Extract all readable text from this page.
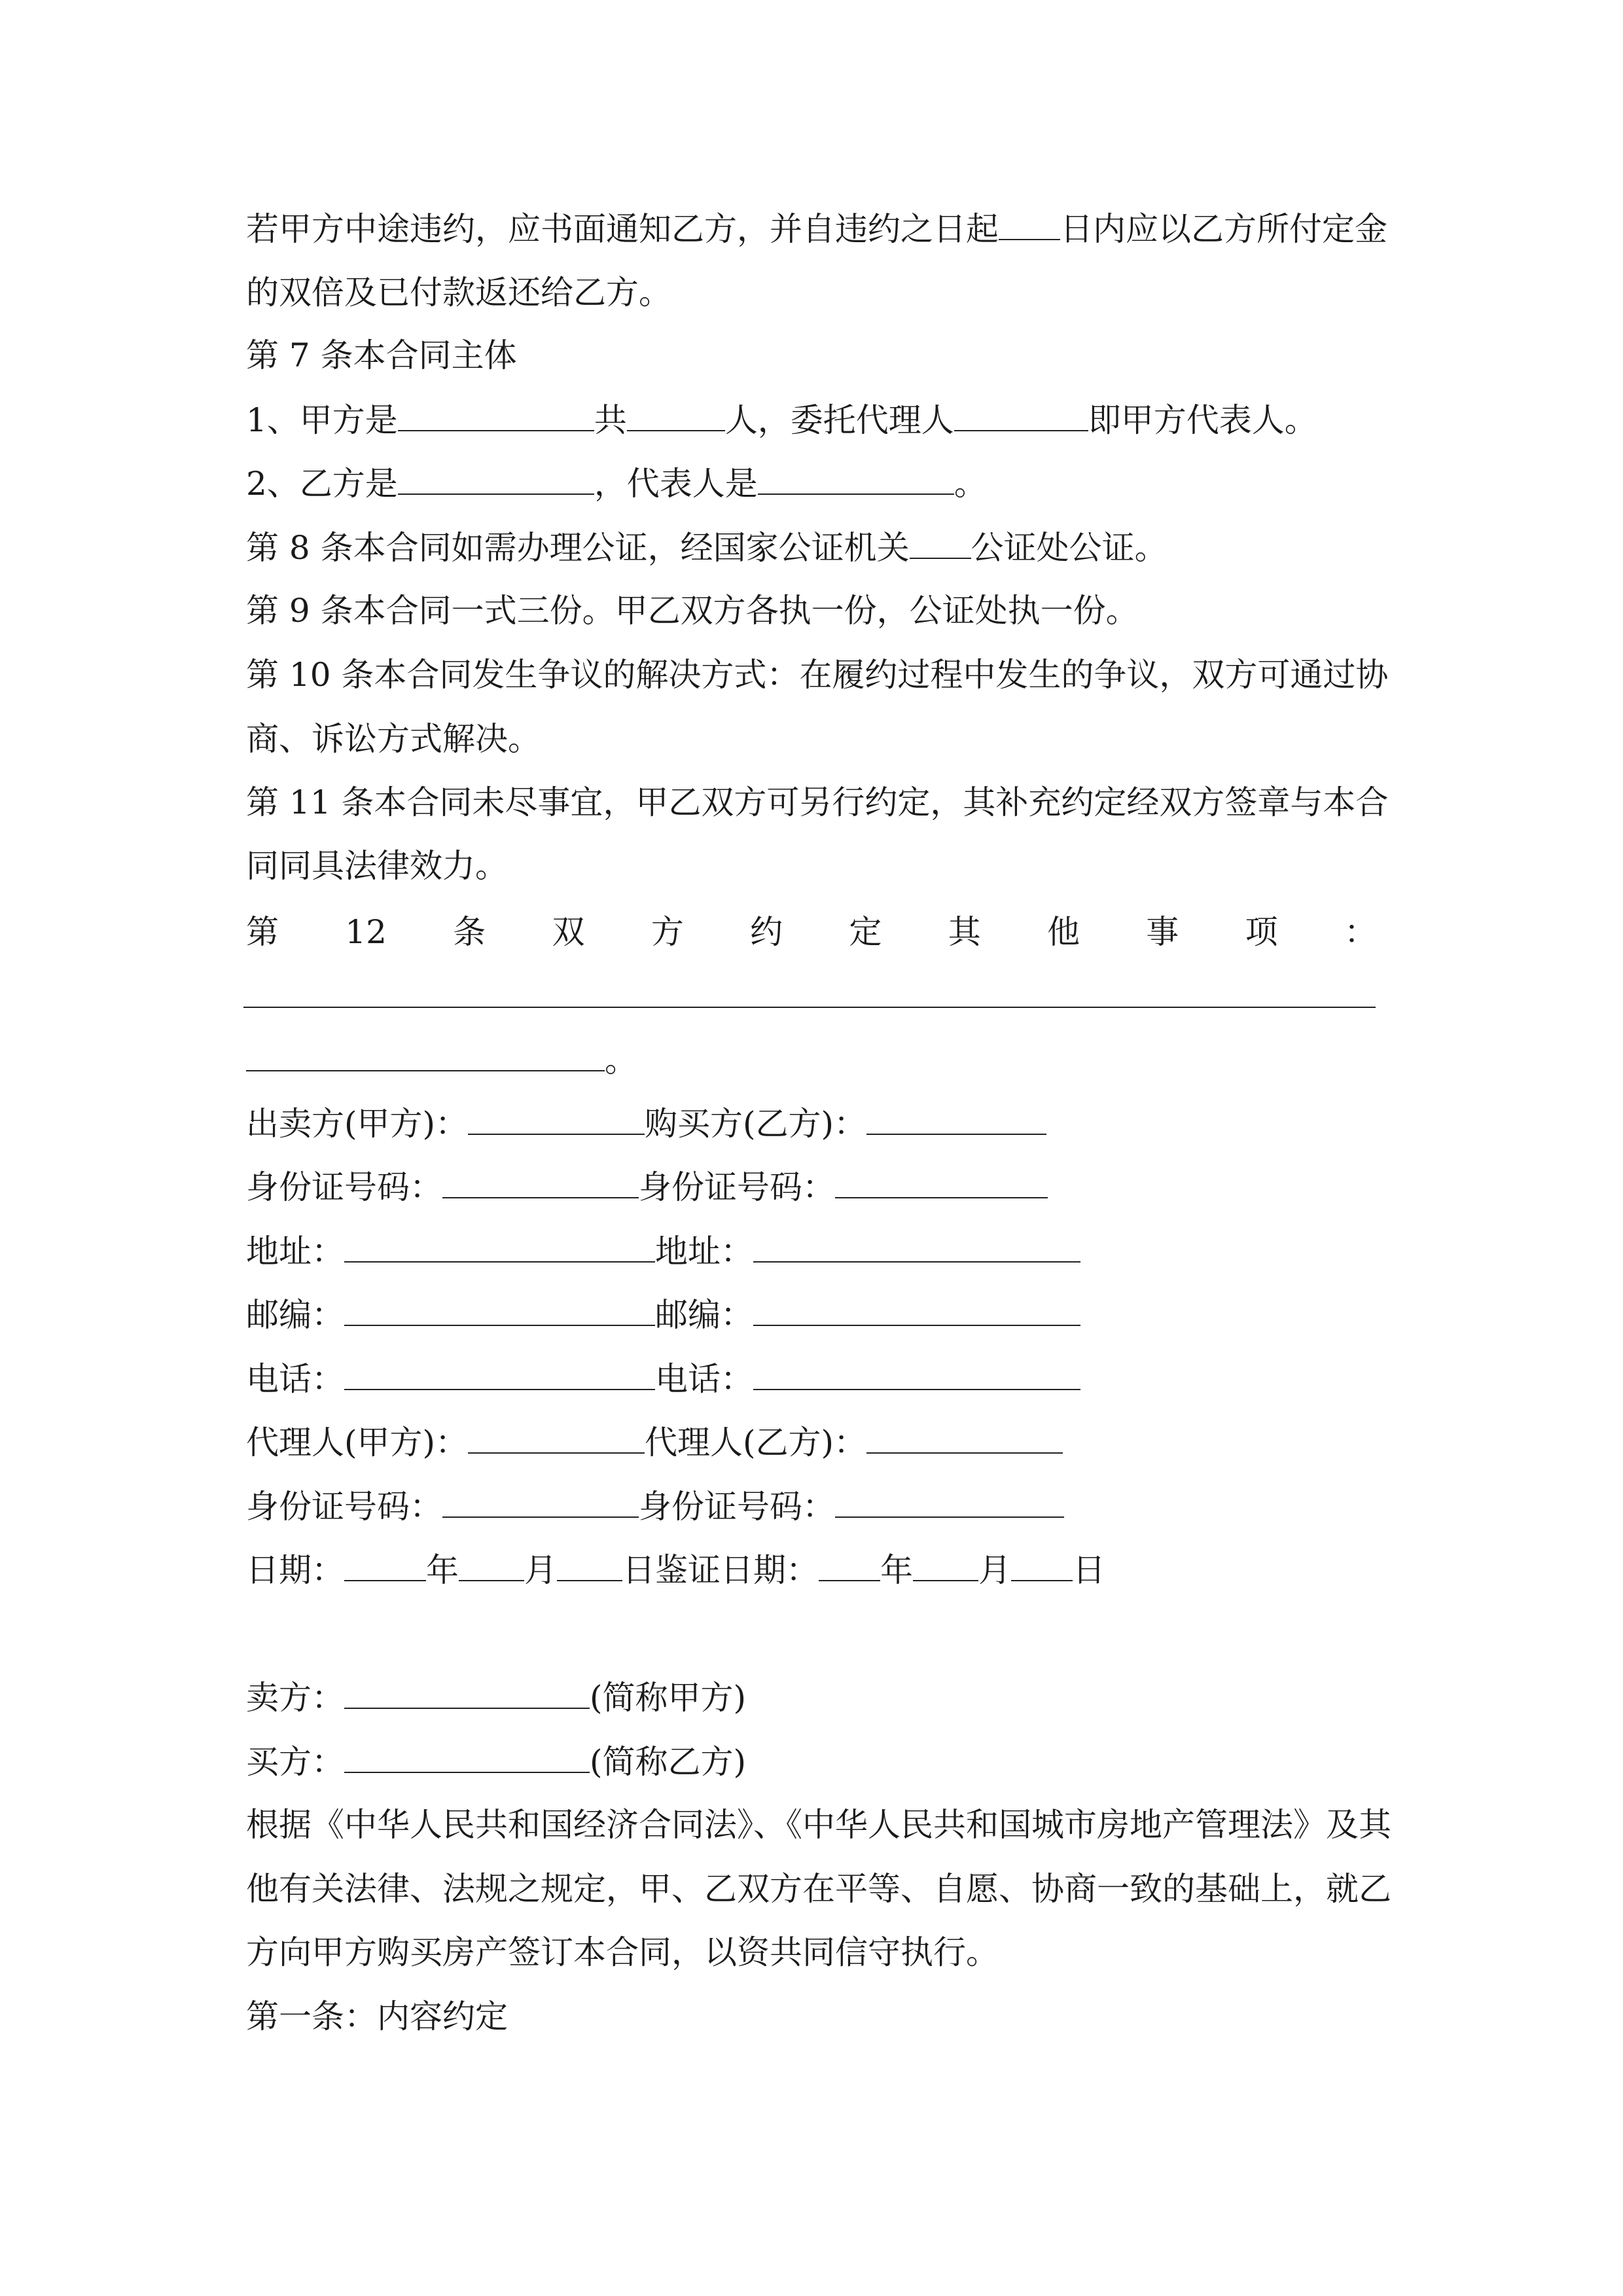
若甲方中途违约，应书面通知乙方，并自违约之日起 日内应以乙方所付定金
的双倍及已付款返还给乙方。
第 7 条本合同主体
1、甲方是	共	人，委托代理人	即甲方代表人。
2、乙方是	，代表人是	。
第 8 条本合同如需办理公证，经国家公证机关 公证处公证。
第 9 条本合同一式三份。甲乙双方各执一份，公证处执一份。
第 10 条本合同发生争议的解决方式：在履约过程中发生的争议，双方可通过协
商、诉讼方式解决。
第 11 条本合同未尽事宜，甲乙双方可另行约定，其补充约定经双方签章与本合
同同具法律效力。
第 12 条 双 方 约 定 其 他 事 项 ：
。
出卖方(甲方)：	购买方(乙方)：
身份证号码：	身份证号码：
地址：	地址：
邮编：	邮编：
电话：	电话：
代理人(甲方)：	代理人(乙方)：
身份证号码：	身份证号码：
日期：	年 月 日鉴证日期： 年 月 日
卖方：	(简称甲方)
买方：	(简称乙方)
根据《中华人民共和国经济合同法》、《中华人民共和国城市房地产管理法》及其
他有关法律、法规之规定，甲、乙双方在平等、自愿、协商一致的基础上，就乙
方向甲方购买房产签订本合同，以资共同信守执行。
第一条：内容约定
